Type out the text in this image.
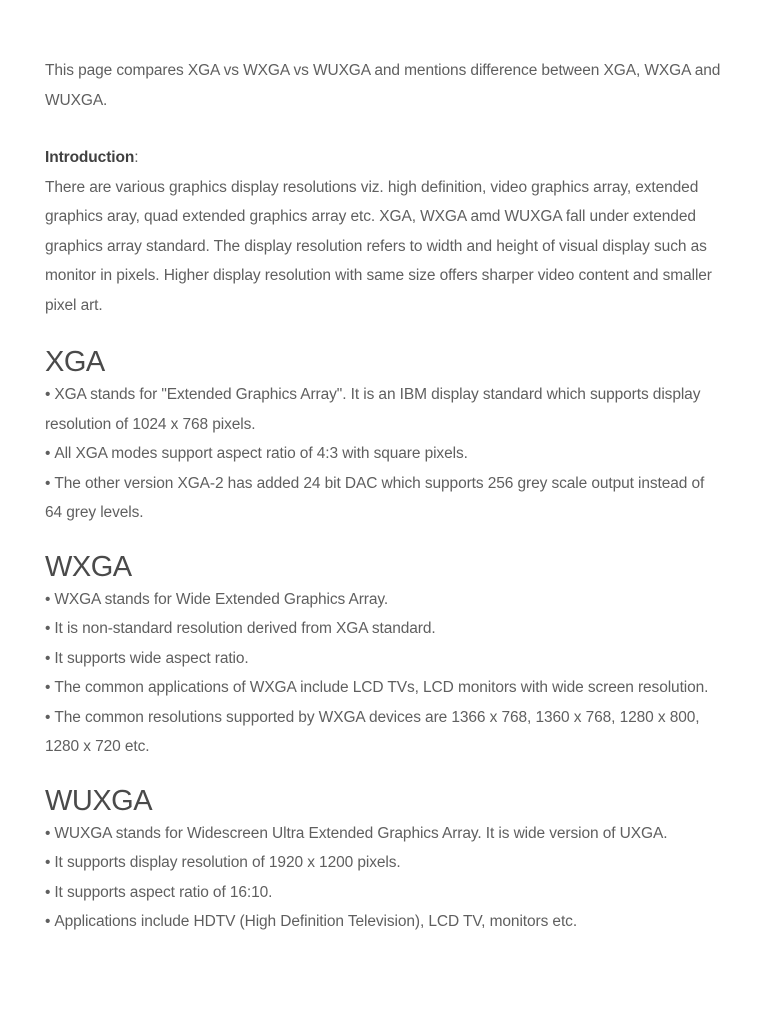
This page compares XGA vs WXGA vs WUXGA and mentions difference between XGA, WXGA and WUXGA.

Introduction:

There are various graphics display resolutions viz. high definition, video graphics array, extended graphics aray, quad extended graphics array etc. XGA, WXGA amd WUXGA fall under extended graphics array standard. The display resolution refers to width and height of visual display such as monitor in pixels. Higher display resolution with same size offers sharper video content and smaller pixel art.

XGA
• XGA stands for "Extended Graphics Array". It is an IBM display standard which supports display resolution of 1024 x 768 pixels.
• All XGA modes support aspect ratio of 4:3 with square pixels.
• The other version XGA-2 has added 24 bit DAC which supports 256 grey scale output instead of 64 grey levels.
WXGA
• WXGA stands for Wide Extended Graphics Array.
• It is non-standard resolution derived from XGA standard.
• It supports wide aspect ratio.
• The common applications of WXGA include LCD TVs, LCD monitors with wide screen resolution.
• The common resolutions supported by WXGA devices are 1366 x 768, 1360 x 768, 1280 x 800, 1280 x 720 etc.
WUXGA
• WUXGA stands for Widescreen Ultra Extended Graphics Array. It is wide version of UXGA.
• It supports display resolution of 1920 x 1200 pixels.
• It supports aspect ratio of 16:10.
• Applications include HDTV (High Definition Television), LCD TV, monitors etc.
